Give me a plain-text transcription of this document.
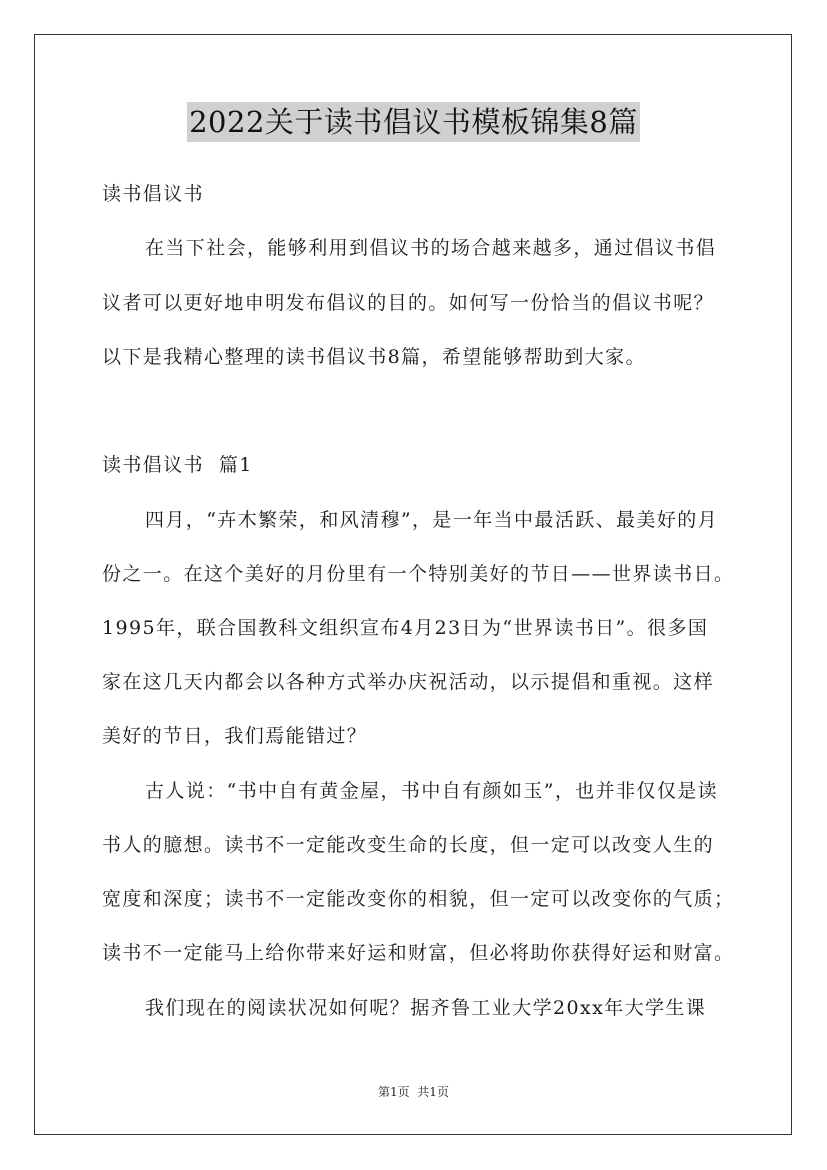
2022关于读书倡议书模板锦集8篇
读书倡议书
在当下社会，能够利用到倡议书的场合越来越多，通过倡议书倡
议者可以更好地申明发布倡议的目的。如何写一份恰当的倡议书呢？
以下是我精心整理的读书倡议书8篇，希望能够帮助到大家。
读书倡议书  篇1
四月，“卉木繁荣，和风清穆”，是一年当中最活跃、最美好的月
份之一。在这个美好的月份里有一个特别美好的节日——世界读书日。
1995年，联合国教科文组织宣布4月23日为“世界读书日”。很多国
家在这几天内都会以各种方式举办庆祝活动，以示提倡和重视。这样
美好的节日，我们焉能错过？
古人说：“书中自有黄金屋，书中自有颜如玉”，也并非仅仅是读
书人的臆想。读书不一定能改变生命的长度，但一定可以改变人生的
宽度和深度；读书不一定能改变你的相貌，但一定可以改变你的气质；
读书不一定能马上给你带来好运和财富，但必将助你获得好运和财富。
我们现在的阅读状况如何呢？据齐鲁工业大学20xx年大学生课
第1页  共1页
